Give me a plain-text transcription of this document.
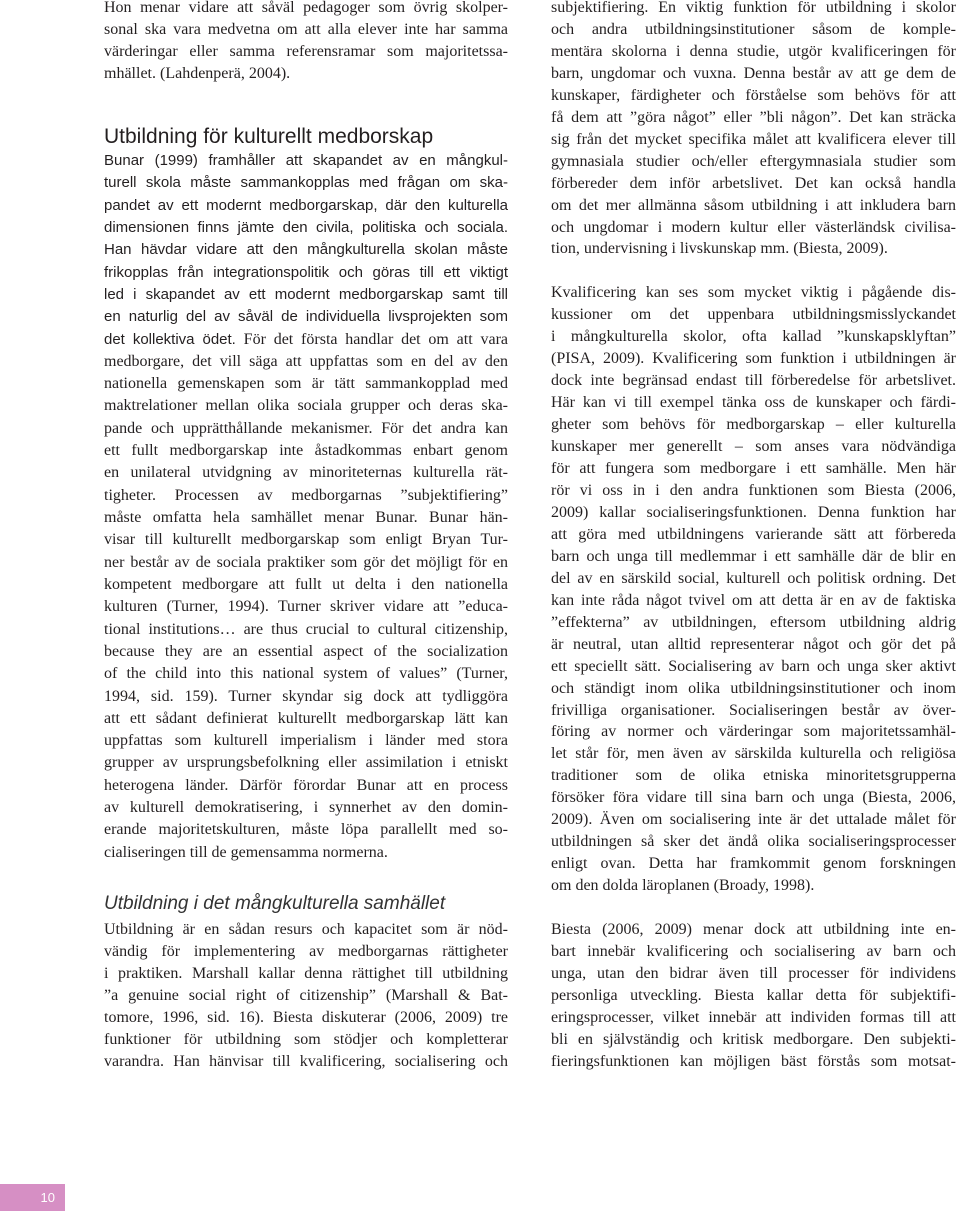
Hon menar vidare att såväl pedagoger som övrig skolper-
sonal ska vara medvetna om att alla elever inte har samma
värderingar eller samma referensramar som majoritetssa-
mhället. (Lahdenperä, 2004).
Utbildning för kulturellt medborskap
Bunar (1999) framhåller att skapandet av en mångkul-
turell skola måste sammankopplas med frågan om ska-
pandet av ett modernt medborgarskap, där den kulturella
dimensionen finns jämte den civila, politiska och sociala.
Han hävdar vidare att den mångkulturella skolan måste
frikopplas från integrationspolitik och göras till ett viktigt
led i skapandet av ett modernt medborgarskap samt till
en naturlig del av såväl de individuella livsprojekten som
det kollektiva ödet. För det första handlar det om att vara
medborgare, det vill säga att uppfattas som en del av den
nationella gemenskapen som är tätt sammankopplad med
maktrelationer mellan olika sociala grupper och deras ska-
pande och upprätthållande mekanismer. För det andra kan
ett fullt medborgarskap inte åstadkommas enbart genom
en unilateral utvidgning av minoriteternas kulturella rät-
tigheter. Processen av medborgarnas ”subjektifiering”
måste omfatta hela samhället menar Bunar. Bunar hän-
visar till kulturellt medborgarskap som enligt Bryan Tur-
ner består av de sociala praktiker som gör det möjligt för en
kompetent medborgare att fullt ut delta i den nationella
kulturen (Turner, 1994). Turner skriver vidare att ”educa-
tional institutions… are thus crucial to cultural citizenship,
because they are an essential aspect of the socialization
of the child into this national system of values” (Turner,
1994, sid. 159). Turner skyndar sig dock att tydliggöra
att ett sådant definierat kulturellt medborgarskap lätt kan
uppfattas som kulturell imperialism i länder med stora
grupper av ursprungsbefolkning eller assimilation i etniskt
heterogena länder. Därför förordar Bunar att en process
av kulturell demokratisering, i synnerhet av den domin-
erande majoritetskulturen, måste löpa parallellt med so-
cialiseringen till de gemensamma normerna.
Utbildning i det mångkulturella samhället
Utbildning är en sådan resurs och kapacitet som är nöd-
vändig för implementering av medborgarnas rättigheter
i praktiken. Marshall kallar denna rättighet till utbildning
”a genuine social right of citizenship” (Marshall & Bat-
tomore, 1996, sid. 16). Biesta diskuterar (2006, 2009) tre
funktioner för utbildning som stödjer och kompletterar
varandra. Han hänvisar till kvalificering, socialisering och
subjektifiering. En viktig funktion för utbildning i skolor
och andra utbildningsinstitutioner såsom de komple-
mentära skolorna i denna studie, utgör kvalificeringen för
barn, ungdomar och vuxna. Denna består av att ge dem de
kunskaper, färdigheter och förståelse som behövs för att
få dem att ”göra något” eller ”bli någon”. Det kan sträcka
sig från det mycket specifika målet att kvalificera elever till
gymnasiala studier och/eller eftergymnasiala studier som
förbereder dem inför arbetslivet. Det kan också handla
om det mer allmänna såsom utbildning i att inkludera barn
och ungdomar i modern kultur eller västerländsk civilisa-
tion, undervisning i livskunskap mm. (Biesta, 2009).
Kvalificering kan ses som mycket viktig i pågående dis-
kussioner om det uppenbara utbildningsmisslyckandet
i mångkulturella skolor, ofta kallad ”kunskapsklyftan”
(PISA, 2009). Kvalificering som funktion i utbildningen är
dock inte begränsad endast till förberedelse för arbetslivet.
Här kan vi till exempel tänka oss de kunskaper och färdi-
gheter som behövs för medborgarskap – eller kulturella
kunskaper mer generellt – som anses vara nödvändiga
för att fungera som medborgare i ett samhälle. Men här
rör vi oss in i den andra funktionen som Biesta (2006,
2009) kallar socialiseringsfunktionen. Denna funktion har
att göra med utbildningens varierande sätt att förbereda
barn och unga till medlemmar i ett samhälle där de blir en
del av en särskild social, kulturell och politisk ordning. Det
kan inte råda något tvivel om att detta är en av de faktiska
”effekterna” av utbildningen, eftersom utbildning aldrig
är neutral, utan alltid representerar något och gör det på
ett speciellt sätt. Socialisering av barn och unga sker aktivt
och ständigt inom olika utbildningsinstitutioner och inom
frivilliga organisationer. Socialiseringen består av över-
föring av normer och värderingar som majoritetssamhäl-
let står för, men även av särskilda kulturella och religiösa
traditioner som de olika etniska minoritetsgrupperna
försöker föra vidare till sina barn och unga (Biesta, 2006,
2009). Även om socialisering inte är det uttalade målet för
utbildningen så sker det ändå olika socialiseringsprocesser
enligt ovan. Detta har framkommit genom forskningen
om den dolda läroplanen (Broady, 1998).
Biesta (2006, 2009) menar dock att utbildning inte en-
bart innebär kvalificering och socialisering av barn och
unga, utan den bidrar även till processer för individens
personliga utveckling. Biesta kallar detta för subjektifi-
eringsprocesser, vilket innebär att individen formas till att
bli en självständig och kritisk medborgare. Den subjekti-
fieringsfunktionen kan möjligen bäst förstås som motsat-
10
